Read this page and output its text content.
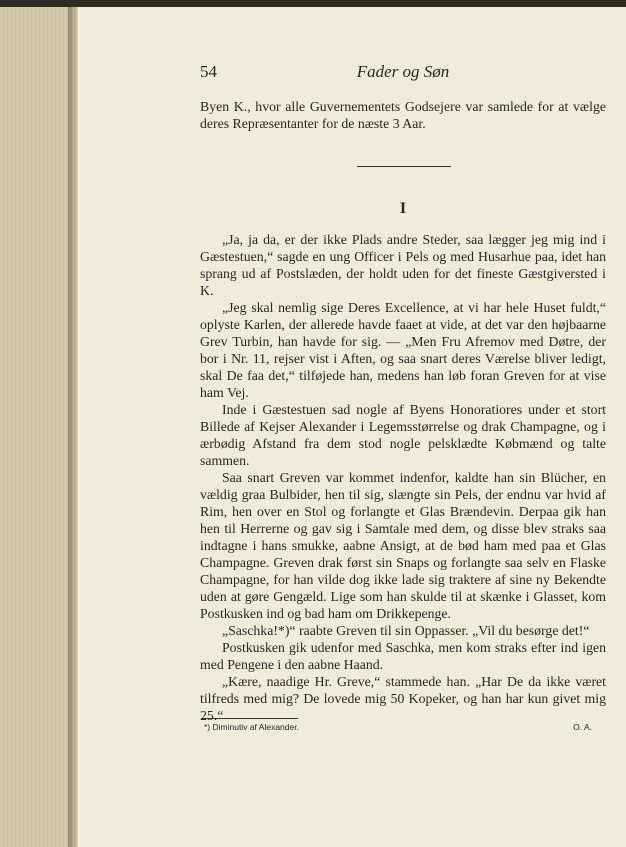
54	Fader og Søn

Byen K., hvor alle Guvernementets Godsejere var samlede for at vælge deres Repræsentanter for de næste 3 Aar.

I

„Ja, ja da, er der ikke Plads andre Steder, saa lægger jeg mig ind i Gæstestuen,“ sagde en ung Officer i Pels og med Husarhue paa, idet han sprang ud af Postslæden, der holdt uden for det fineste Gæstgiversted i K.

„Jeg skal nemlig sige Deres Excellence, at vi har hele Huset fuldt,“ oplyste Karlen, der allerede havde faaet at vide, at det var den højbaarne Grev Turbin, han havde for sig. — „Men Fru Afremov med Døtre, der bor i Nr. 11, rejser vist i Aften, og saa snart deres Værelse bliver ledigt, skal De faa det,“ tilføjede han, medens han løb foran Greven for at vise ham Vej.

Inde i Gæstestuen sad nogle af Byens Honoratiores under et stort Billede af Kejser Alexander i Legemsstørrelse og drak Champagne, og i ærbødig Afstand fra dem stod nogle pelsklædte Købmænd og talte sammen.

Saa snart Greven var kommet indenfor, kaldte han sin Blücher, en vældig graa Bulbider, hen til sig, slængte sin Pels, der endnu var hvid af Rim, hen over en Stol og forlangte et Glas Brændevin. Derpaa gik han hen til Herrerne og gav sig i Samtale med dem, og disse blev straks saa indtagne i hans smukke, aabne Ansigt, at de bød ham med paa et Glas Champagne. Greven drak først sin Snaps og forlangte saa selv en Flaske Champagne, for han vilde dog ikke lade sig traktere af sine ny Bekendte uden at gøre Gengæld. Lige som han skulde til at skænke i Glasset, kom Postkusken ind og bad ham om Drikkepenge.

„Saschka!*)“ raabte Greven til sin Oppasser. „Vil du besørge det!“

Postkusken gik udenfor med Saschka, men kom straks efter ind igen med Pengene i den aabne Haand.

„Kære, naadige Hr. Greve,“ stammede han. „Har De da ikke været tilfreds med mig? De lovede mig 50 Kopeker, og han har kun givet mig 25.“

*) Diminutiv af Alexander.	O. A.
